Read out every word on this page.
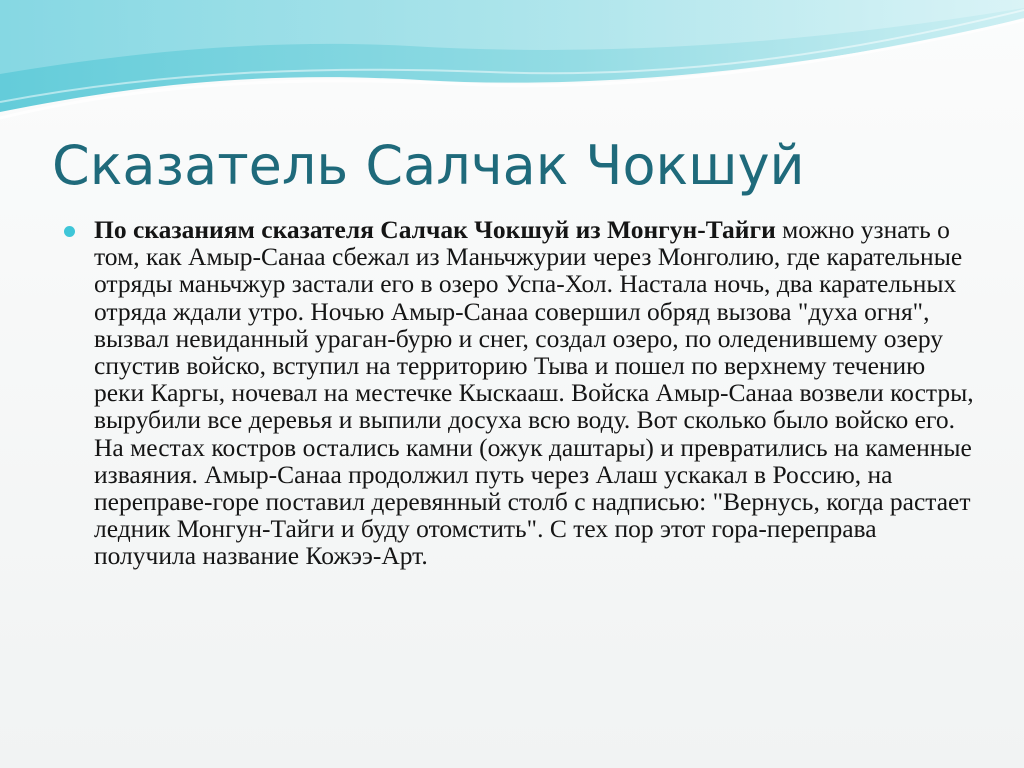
Сказатель Салчак Чокшуй

По сказаниям сказателя Салчак Чокшуй из Монгун-Тайги можно узнать о том, как Амыр-Санаа сбежал из Маньчжурии через Монголию, где карательные отряды маньчжур застали его в озеро Успа-Хол. Настала ночь, два карательных отряда ждали утро. Ночью Амыр-Санаа совершил обряд вызова "духа огня", вызвал невиданный ураган-бурю и снег, создал озеро, по оледенившему озеру спустив войско, вступил на территорию Тыва и пошел по верхнему течению реки Каргы, ночевал на местечке Кыскааш. Войска Амыр-Санаа возвели костры, вырубили все деревья и выпили досуха всю воду. Вот сколько было войско его. На местах костров остались камни (ожук даштары) и превратились на каменные изваяния. Амыр-Санаа продолжил путь через Алаш ускакал в Россию, на переправе-горе поставил деревянный столб с надписью: "Вернусь, когда растает ледник Монгун-Тайги и буду отомстить". С тех пор этот гора-переправа получила название Кожээ-Арт.
